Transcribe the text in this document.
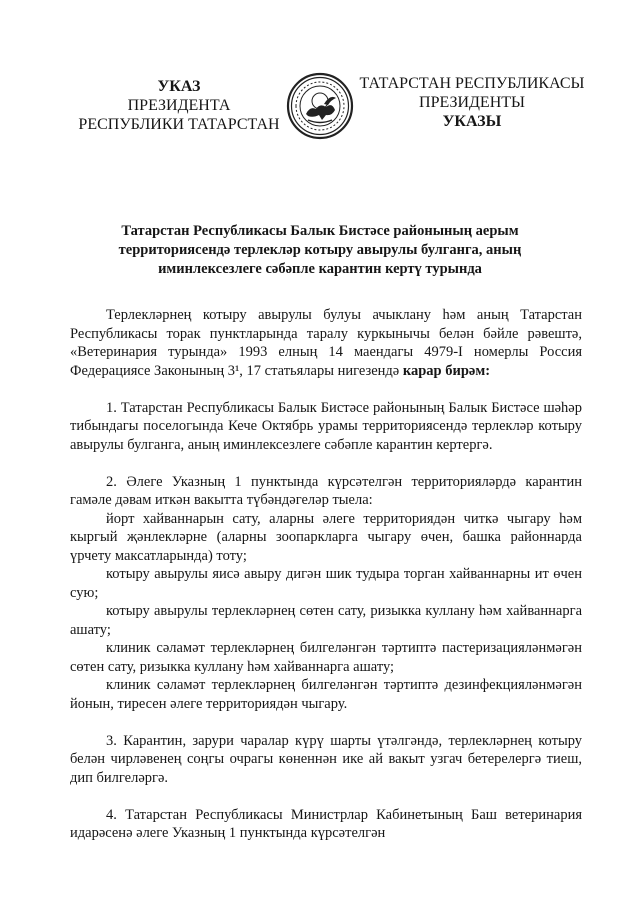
УКАЗ
ПРЕЗИДЕНТА
РЕСПУБЛИКИ ТАТАРСТАН
ТАТАРСТАН РЕСПУБЛИКАСЫ
ПРЕЗИДЕНТЫ
УКАЗЫ
Татарстан Республикасы Балык Бистәсе районының аерым
территориясендә терлекләр котыру авырулы булганга, аның
иминлексезлеге сәбәпле карантин кертү турында

Терлекләрнең котыру авырулы булуы ачыклану һәм аның Татарстан Республикасы торак пунктларында таралу куркынычы белән бәйле рәвештә, «Ветеринария турында» 1993 елның 14 маендагы 4979-I номерлы Россия Федерациясе Законының 3¹, 17 статьялары нигезендә карар бирәм:

1. Татарстан Республикасы Балык Бистәсе районының Балык Бистәсе шәһәр тибындагы поселогында Кече Октябрь урамы территориясендә терлекләр котыру авырулы булганга, аның иминлексезлеге сәбәпле карантин кертергә.

2. Әлеге Указның 1 пунктында күрсәтелгән территорияләрдә карантин гамәле дәвам иткән вакытта түбәндәгеләр тыела:

йорт хайваннарын сату, аларны әлеге территориядән читкә чыгару һәм кыргый җәнлекләрне (аларны зоопаркларга чыгару өчен, башка районнарда үрчету максатларында) тоту;

котыру авырулы яисә авыру дигән шик тудыра торган хайваннарны ит өчен сую;

котыру авырулы терлекләрнең сөтен сату, ризыкка куллану һәм хайваннарга ашату;

клиник сәламәт терлекләрнең билгеләнгән тәртиптә пастеризацияләнмәгән сөтен сату, ризыкка куллану һәм хайваннарга ашату;

клиник сәламәт терлекләрнең билгеләнгән тәртиптә дезинфекцияләнмәгән йонын, тиресен әлеге территориядән чыгару.

3. Карантин, зарури чаралар күрү шарты үтәлгәндә, терлекләрнең котыру белән чирләвенең соңгы очрагы көненнән ике ай вакыт узгач бетерелергә тиеш, дип билгеләргә.

4. Татарстан Республикасы Министрлар Кабинетының Баш ветеринария идарәсенә әлеге Указның 1 пунктында күрсәтелгән
